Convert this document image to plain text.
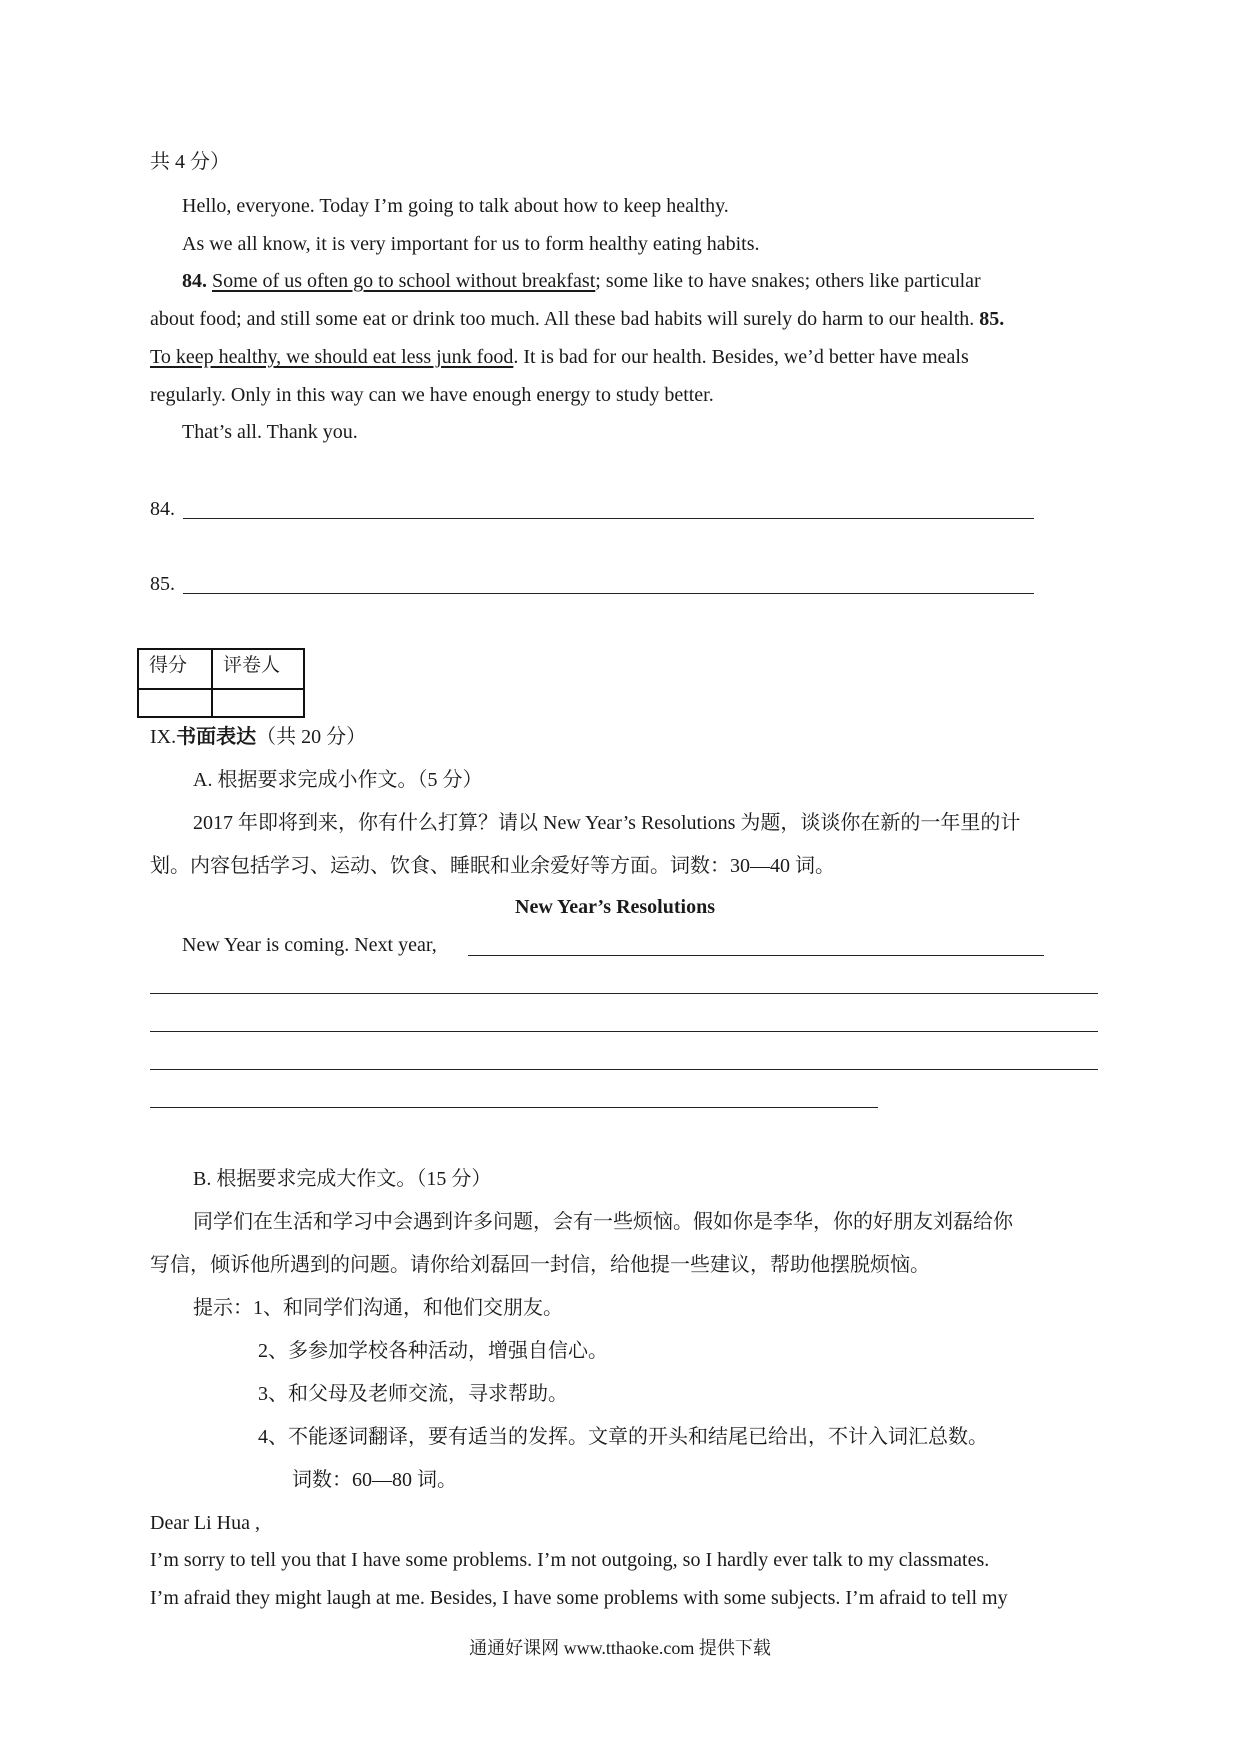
共 4 分）
Hello, everyone. Today I’m going to talk about how to keep healthy.
As we all know, it is very important for us to form healthy eating habits.
84. Some of us often go to school without breakfast; some like to have snakes; others like particular
about food; and still some eat or drink too much. All these bad habits will surely do harm to our health. 85.
To keep healthy, we should eat less junk food. It is bad for our health. Besides, we’d better have meals
regularly. Only in this way can we have enough energy to study better.
That’s all. Thank you.
84.
85.
得分	评卷人

IX.书面表达（共 20 分）
A. 根据要求完成小作文。（5 分）
2017 年即将到来，你有什么打算？请以 New Year’s Resolutions 为题，谈谈你在新的一年里的计
划。内容包括学习、运动、饮食、睡眠和业余爱好等方面。词数：30—40 词。
New Year’s Resolutions
New Year is coming. Next year,
B. 根据要求完成大作文。（15 分）
同学们在生活和学习中会遇到许多问题，会有一些烦恼。假如你是李华，你的好朋友刘磊给你
写信，倾诉他所遇到的问题。请你给刘磊回一封信，给他提一些建议，帮助他摆脱烦恼。
提示：1、和同学们沟通，和他们交朋友。
2、多参加学校各种活动，增强自信心。
3、和父母及老师交流，寻求帮助。
4、不能逐词翻译，要有适当的发挥。文章的开头和结尾已给出，不计入词汇总数。
词数：60—80 词。
Dear Li Hua ,
I’m sorry to tell you that I have some problems. I’m not outgoing, so I hardly ever talk to my classmates.
I’m afraid they might laugh at me. Besides, I have some problems with some subjects. I’m afraid to tell my
通通好课网 www.tthaoke.com 提供下载
